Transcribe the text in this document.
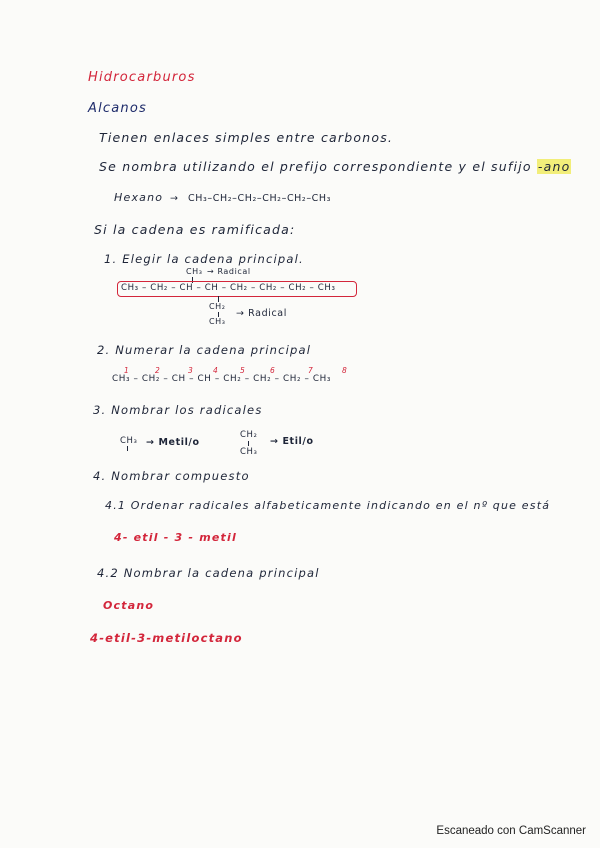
Hidrocarburos
Alcanos
Tienen enlaces simples entre carbonos.
Se nombra utilizando el prefijo correspondiente y el sufijo -ano
Hexano → CH₃–CH₂–CH₂–CH₂–CH₂–CH₃
Si la cadena es ramificada:
1. Elegir la cadena principal.
CH₃ → Radical
CH₃ – CH₂ – CH – CH – CH₂ – CH₂ – CH₂ – CH₃
CH₂
CH₃
→ Radical
2. Numerar la cadena principal
CH₃ – CH₂ – CH – CH – CH₂ – CH₂ – CH₂ – CH₃
1	2	3	4	5	6	7	8
3. Nombrar los radicales
CH₃ → Metil/o
CH₂
CH₃
→ Etil/o
4. Nombrar compuesto
4.1 Ordenar radicales alfabeticamente indicando en el nº que está
4- etil - 3 - metil
4.2 Nombrar la cadena principal
Octano
4-etil-3-metiloctano
Escaneado con CamScanner
